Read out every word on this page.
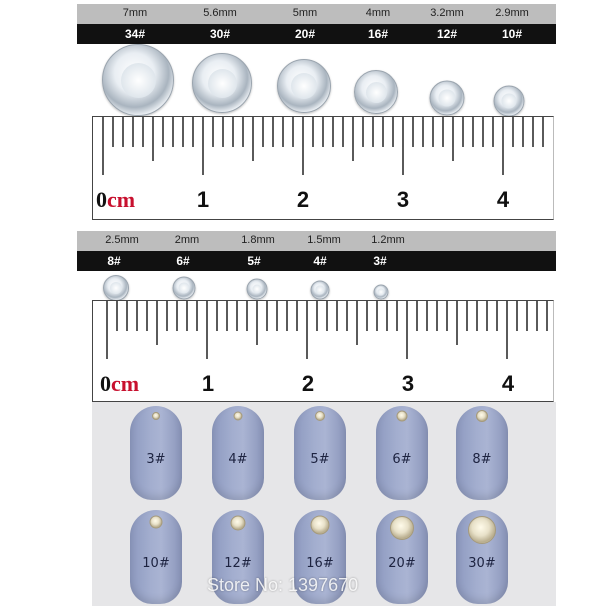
7mm	5.6mm	5mm	4mm	3.2mm	2.9mm
34#	30#	20#	16#	12#	10#
0cm	1	2	3	4
2.5mm	2mm	1.8mm	1.5mm	1.2mm
8#	6#	5#	4#	3#
0cm	1	2	3	4
3#	4#	5#	6#	8#
10#	12#	16#	20#	30#
Store No: 1397670
